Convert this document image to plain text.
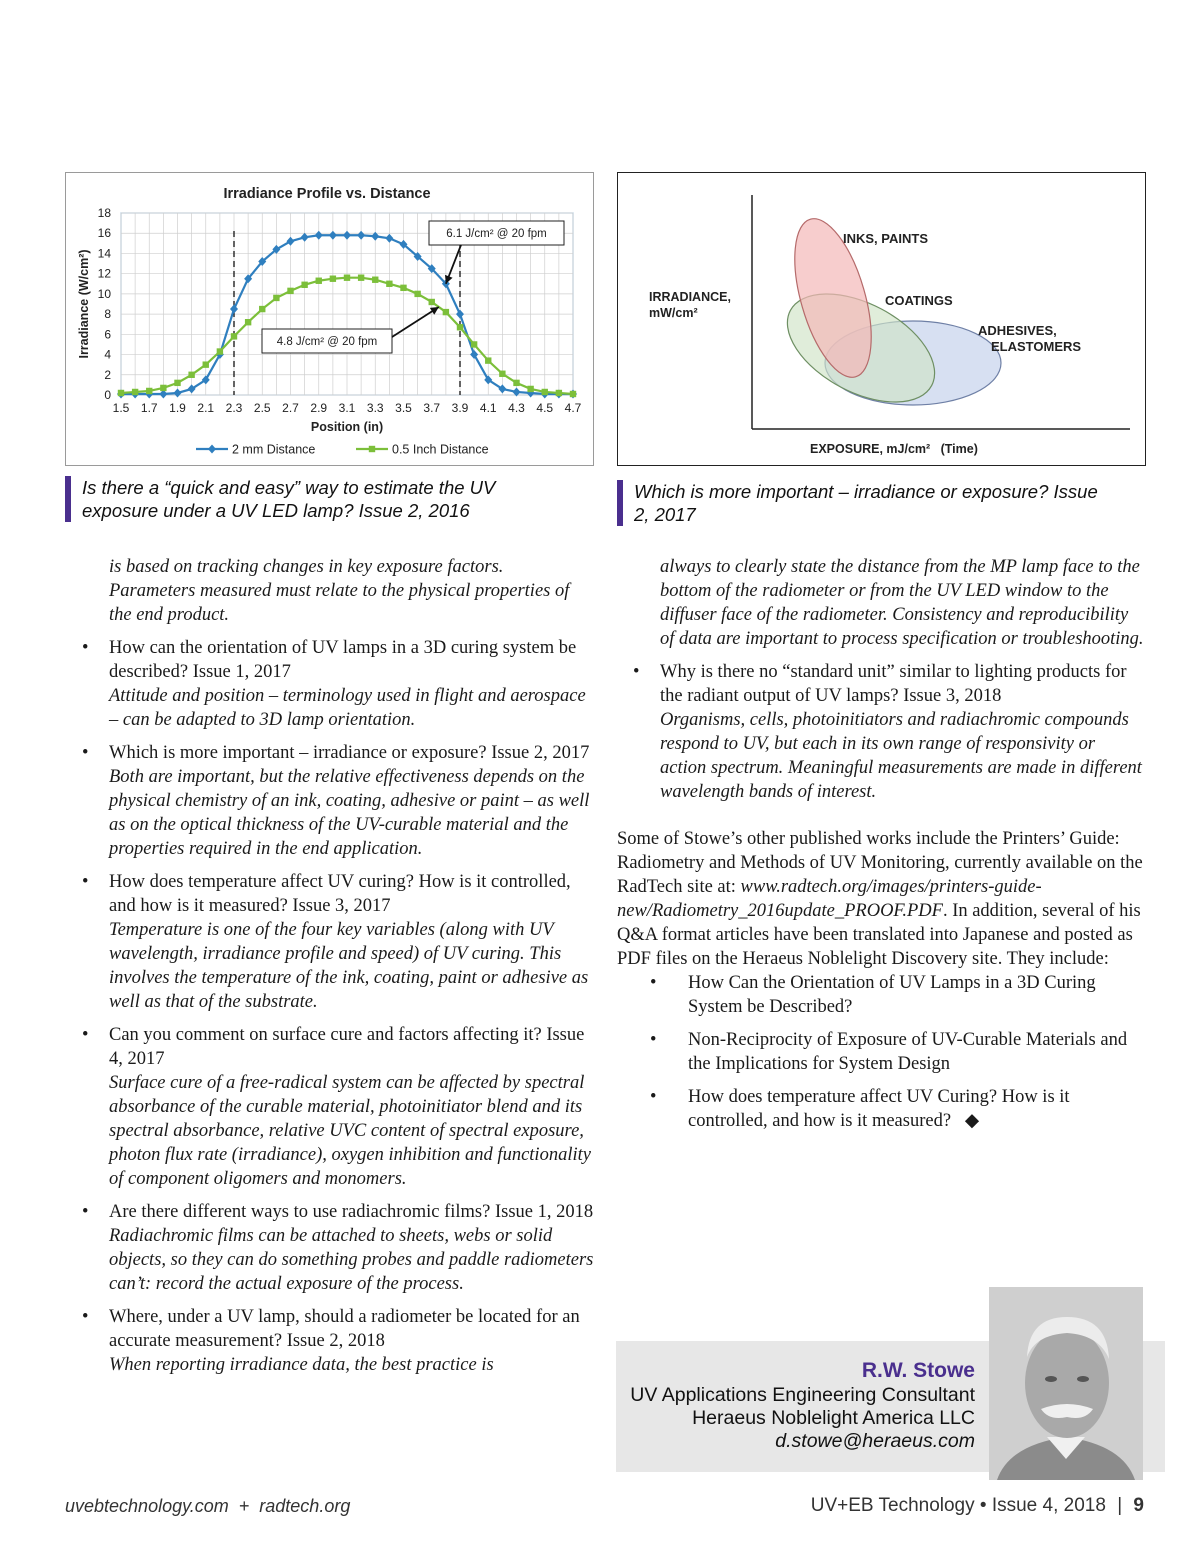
Irradiance Profile vs. Distance
0
2
4
6
8
10
12
14
16
18
1.5 1.7 1.9 2.1 2.3 2.5 2.7 2.9 3.1 3.3 3.5 3.7 3.9 4.1 4.3 4.5 4.7
Position (in)
Irradiance (W/cm²)
6.1 J/cm² @ 20 fpm
4.8 J/cm² @ 20 fpm
2 mm Distance	0.5 Inch Distance
INKS, PAINTS
COATINGS
ADHESIVES,
ELASTOMERS
IRRADIANCE,
mW/cm²
EXPOSURE, mJ/cm²   (Time)
Is there a “quick and easy” way to estimate the UV exposure under a UV LED lamp? Issue 2, 2016
Which is more important – irradiance or exposure? Issue 2, 2017

is based on tracking changes in key exposure factors. Parameters measured must relate to the physical properties of the end product.

• How can the orientation of UV lamps in a 3D curing system be described? Issue 1, 2017
Attitude and position – terminology used in flight and aerospace – can be adapted to 3D lamp orientation.
• Which is more important – irradiance or exposure? Issue 2, 2017
Both are important, but the relative effectiveness depends on the physical chemistry of an ink, coating, adhesive or paint – as well as on the optical thickness of the UV-curable material and the properties required in the end application.
• How does temperature affect UV curing? How is it controlled, and how is it measured? Issue 3, 2017
Temperature is one of the four key variables (along with UV wavelength, irradiance profile and speed) of UV curing. This involves the temperature of the ink, coating, paint or adhesive as well as that of the substrate.
• Can you comment on surface cure and factors affecting it? Issue 4, 2017
Surface cure of a free-radical system can be affected by spectral absorbance of the curable material, photoinitiator blend and its spectral absorbance, relative UVC content of spectral exposure, photon flux rate (irradiance), oxygen inhibition and functionality of component oligomers and monomers.
• Are there different ways to use radiachromic films? Issue 1, 2018
Radiachromic films can be attached to sheets, webs or solid objects, so they can do something probes and paddle radiometers can’t: record the actual exposure of the process.
• Where, under a UV lamp, should a radiometer be located for an accurate measurement? Issue 2, 2018
When reporting irradiance data, the best practice is

always to clearly state the distance from the MP lamp face to the bottom of the radiometer or from the UV LED window to the diffuser face of the radiometer. Consistency and reproducibility of data are important to process specification or troubleshooting.

• Why is there no “standard unit” similar to lighting products for the radiant output of UV lamps? Issue 3, 2018
Organisms, cells, photoinitiators and radiachromic compounds respond to UV, but each in its own range of responsivity or action spectrum. Meaningful measurements are made in different wavelength bands of interest.

Some of Stowe’s other published works include the Printers’ Guide: Radiometry and Methods of UV Monitoring, currently available on the RadTech site at: www.radtech.org/images/printers-guide-new/Radiometry_2016update_PROOF.PDF. In addition, several of his Q&A format articles have been translated into Japanese and posted as PDF files on the Heraeus Noblelight Discovery site. They include:

• How Can the Orientation of UV Lamps in a 3D Curing System be Described?
• Non-Reciprocity of Exposure of UV-Curable Materials and the Implications for System Design
• How does temperature affect UV Curing? How is it controlled, and how is it measured? ◆
R.W. Stowe
UV Applications Engineering Consultant
Heraeus Noblelight America LLC
d.stowe@heraeus.com
uvebtechnology.com  +  radtech.org	UV+EB Technology • Issue 4, 2018 | 9
